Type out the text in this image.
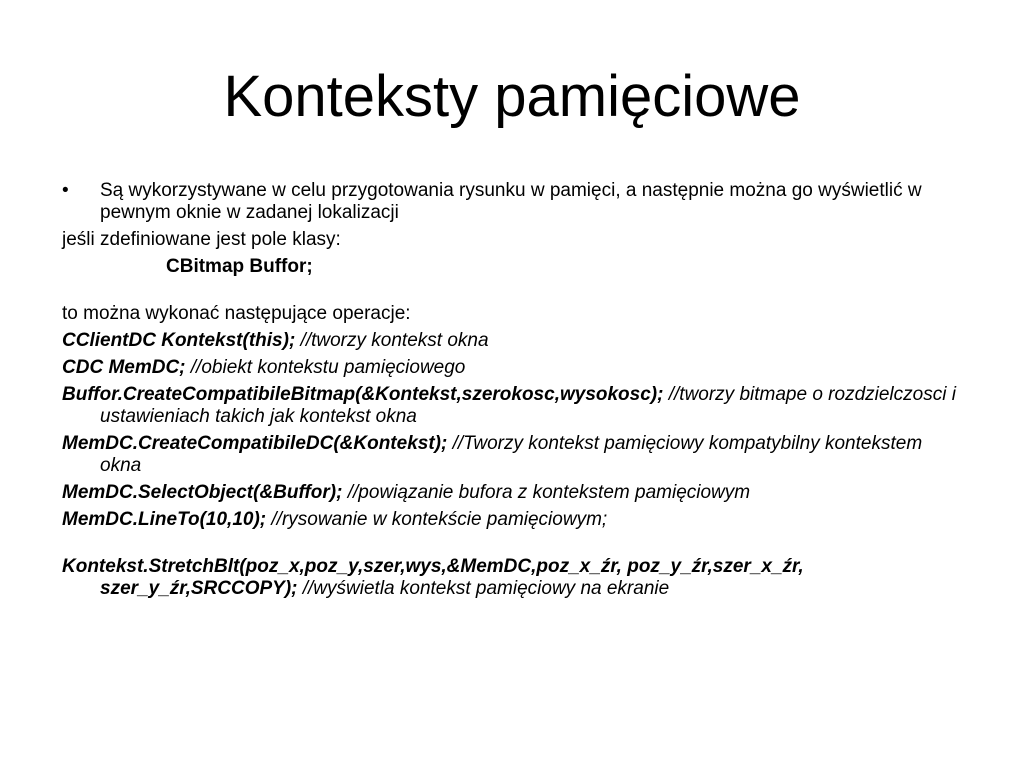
Konteksty pamięciowe

•	Są wykorzystywane w celu przygotowania rysunku w pamięci, a następnie można go wyświetlić w pewnym oknie w zadanej lokalizacji

jeśli zdefiniowane jest pole klasy:

CBitmap Buffor;

to można wykonać następujące operacje:

CClientDC Kontekst(this); //tworzy kontekst okna

CDC MemDC; //obiekt kontekstu pamięciowego

Buffor.CreateCompatibileBitmap(&Kontekst,szerokosc,wysokosc); //tworzy bitmape o rozdzielczosci i ustawieniach takich jak kontekst okna

MemDC.CreateCompatibileDC(&Kontekst); //Tworzy kontekst pamięciowy kompatybilny kontekstem okna

MemDC.SelectObject(&Buffor); //powiązanie bufora z kontekstem pamięciowym

MemDC.LineTo(10,10); //rysowanie w kontekście pamięciowym;

Kontekst.StretchBlt(poz_x,poz_y,szer,wys,&MemDC,poz_x_źr, poz_y_źr,szer_x_źr, szer_y_źr,SRCCOPY); //wyświetla kontekst pamięciowy na ekranie
